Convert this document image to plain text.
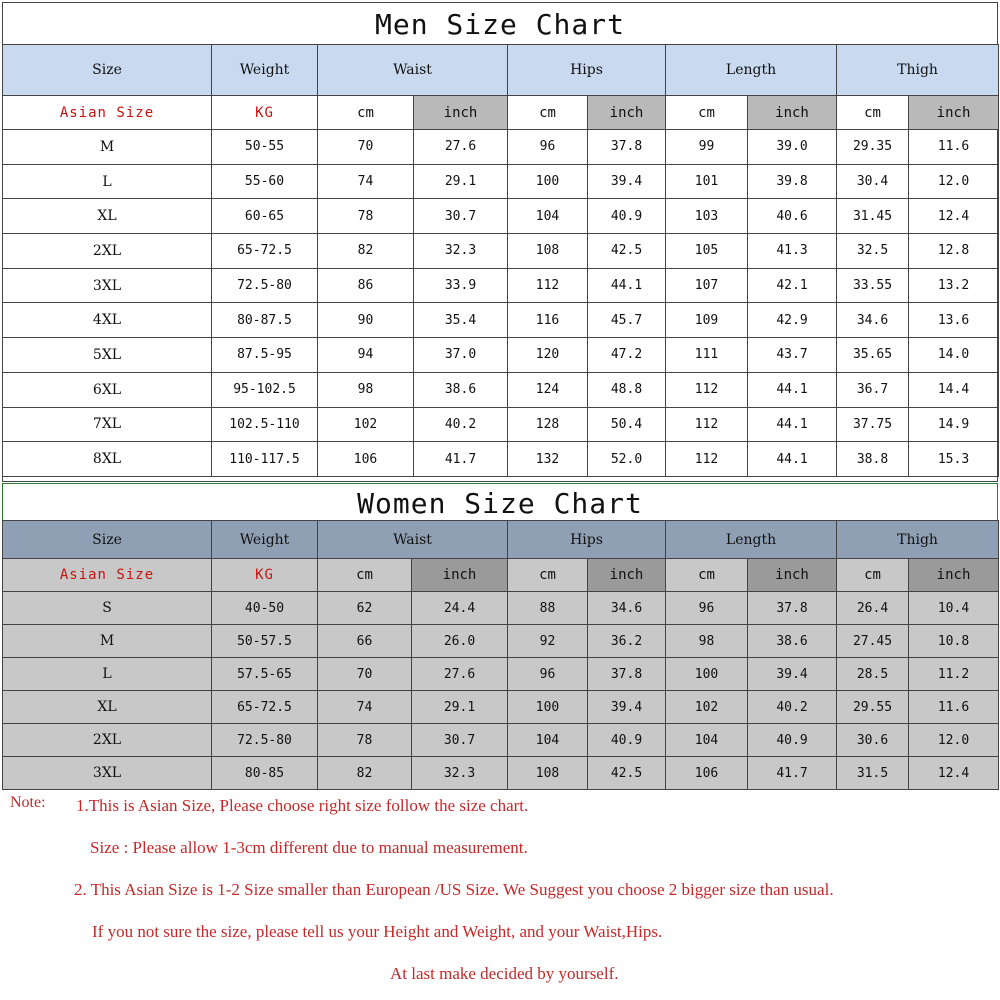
Men Size Chart
Size	Weight	Waist		Hips		Length		Thigh	
Asian Size	KG	cm	inch	cm	inch	cm	inch	cm	inch
M	50-55	70	27.6	96	37.8	99	39.0	29.35	11.6
L	55-60	74	29.1	100	39.4	101	39.8	30.4	12.0
XL	60-65	78	30.7	104	40.9	103	40.6	31.45	12.4
2XL	65-72.5	82	32.3	108	42.5	105	41.3	32.5	12.8
3XL	72.5-80	86	33.9	112	44.1	107	42.1	33.55	13.2
4XL	80-87.5	90	35.4	116	45.7	109	42.9	34.6	13.6
5XL	87.5-95	94	37.0	120	47.2	111	43.7	35.65	14.0
6XL	95-102.5	98	38.6	124	48.8	112	44.1	36.7	14.4
7XL	102.5-110	102	40.2	128	50.4	112	44.1	37.75	14.9
8XL	110-117.5	106	41.7	132	52.0	112	44.1	38.8	15.3
Women Size Chart
Size	Weight	Waist		Hips		Length		Thigh	
Asian Size	KG	cm	inch	cm	inch	cm	inch	cm	inch
S	40-50	62	24.4	88	34.6	96	37.8	26.4	10.4
M	50-57.5	66	26.0	92	36.2	98	38.6	27.45	10.8
L	57.5-65	70	27.6	96	37.8	100	39.4	28.5	11.2
XL	65-72.5	74	29.1	100	39.4	102	40.2	29.55	11.6
2XL	72.5-80	78	30.7	104	40.9	104	40.9	30.6	12.0
3XL	80-85	82	32.3	108	42.5	106	41.7	31.5	12.4
Note: 1.This is Asian Size, Please choose right size follow the size chart.
Size : Please allow 1-3cm different due to manual measurement.
2. This Asian Size is 1-2 Size smaller than European /US Size. We Suggest you choose 2 bigger size than usual.
If you not sure the size, please tell us your Height and Weight, and your Waist,Hips.
At last make decided by yourself.
